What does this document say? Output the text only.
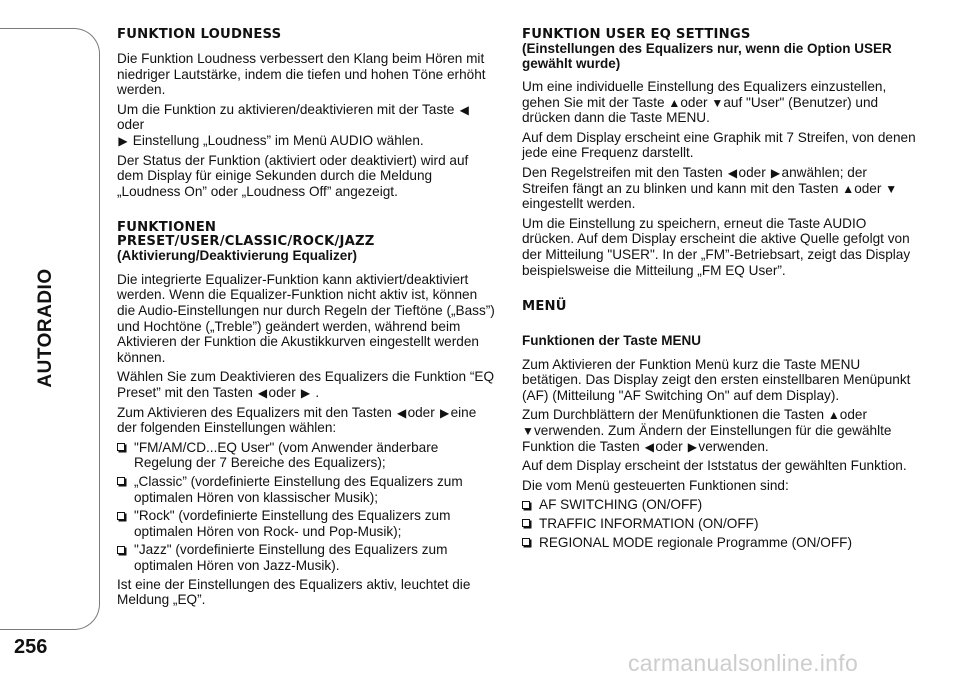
AUTORADIO
256
FUNKTION LOUDNESS

Die Funktion Loudness verbessert den Klang beim Hören mit niedriger Lautstärke, indem die tiefen und hohen Töne erhöht werden.

Um die Funktion zu aktivieren/deaktivieren mit der Taste ◀oder
▶ Einstellung „Loudness” im Menü AUDIO wählen.

Der Status der Funktion (aktiviert oder deaktiviert) wird auf dem Display für einige Sekunden durch die Meldung „Loudness On” oder „Loudness Off” angezeigt.

FUNKTIONEN
PRESET/USER/CLASSIC/ROCK/JAZZ
(Aktivierung/Deaktivierung Equalizer)

Die integrierte Equalizer-Funktion kann aktiviert/deaktiviert werden. Wenn die Equalizer-Funktion nicht aktiv ist, können die Audio-Einstellungen nur durch Regeln der Tieftöne („Bass”) und Hochtöne („Treble”) geändert werden, während beim Aktivieren der Funktion die Akustikkurven eingestellt werden können.

Wählen Sie zum Deaktivieren des Equalizers die Funktion “EQ Preset” mit den Tasten ◀oder ▶ .

Zum Aktivieren des Equalizers mit den Tasten ◀oder ▶eine der folgenden Einstellungen wählen:

"FM/AM/CD...EQ User" (vom Anwender änderbare Regelung der 7 Bereiche des Equalizers);
„Classic” (vordefinierte Einstellung des Equalizers zum optimalen Hören von klassischer Musik);
"Rock" (vordefinierte Einstellung des Equalizers zum optimalen Hören von Rock- und Pop-Musik);
"Jazz" (vordefinierte Einstellung des Equalizers zum optimalen Hören von Jazz-Musik).

Ist eine der Einstellungen des Equalizers aktiv, leuchtet die Meldung „EQ”.

FUNKTION USER EQ SETTINGS
(Einstellungen des Equalizers nur, wenn die Option USER gewählt wurde)

Um eine individuelle Einstellung des Equalizers einzustellen, gehen Sie mit der Taste ▲oder ▼auf "User" (Benutzer) und drücken dann die Taste MENU.

Auf dem Display erscheint eine Graphik mit 7 Streifen, von denen jede eine Frequenz darstellt.

Den Regelstreifen mit den Tasten ◀oder ▶anwählen; der Streifen fängt an zu blinken und kann mit den Tasten ▲oder ▼eingestellt werden.

Um die Einstellung zu speichern, erneut die Taste AUDIO drücken. Auf dem Display erscheint die aktive Quelle gefolgt von der Mitteilung "USER". In der „FM”-Betriebsart, zeigt das Display beispielsweise die Mitteilung „FM EQ User”.

MENÜ
Funktionen der Taste MENU

Zum Aktivieren der Funktion Menü kurz die Taste MENU betätigen. Das Display zeigt den ersten einstellbaren Menüpunkt (AF) (Mitteilung "AF Switching On" auf dem Display).

Zum Durchblättern der Menüfunktionen die Tasten ▲oder
▼verwenden. Zum Ändern der Einstellungen für die gewählte Funktion die Tasten ◀oder ▶verwenden.

Auf dem Display erscheint der Iststatus der gewählten Funktion.

Die vom Menü gesteuerten Funktionen sind:

AF SWITCHING (ON/OFF)
TRAFFIC INFORMATION (ON/OFF)
REGIONAL MODE regionale Programme (ON/OFF)
carmanualsonline.info
